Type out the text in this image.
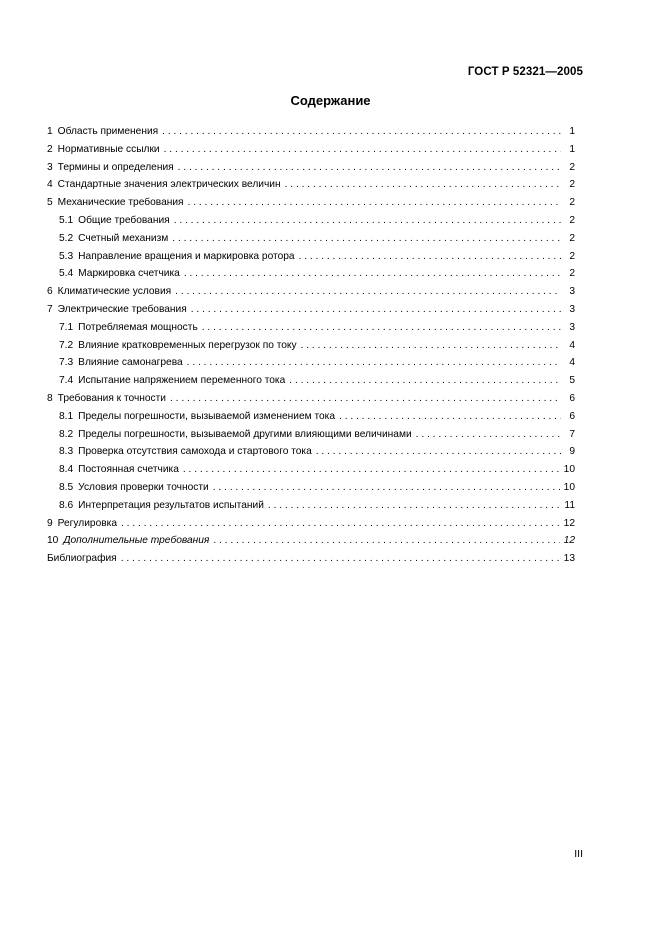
ГОСТ Р 52321—2005
Содержание
1 Область применения . . .	1
2 Нормативные ссылки . . .	1
3 Термины и определения . . .	2
4 Стандартные значения электрических величин . . .	2
5 Механические требования . . .	2
5.1 Общие требования . . .	2
5.2 Счетный механизм . . .	2
5.3 Направление вращения и маркировка ротора . . .	2
5.4 Маркировка счетчика . . .	2
6 Климатические условия . . .	3
7 Электрические требования . . .	3
7.1 Потребляемая мощность . . .	3
7.2 Влияние кратковременных перегрузок по току . . .	4
7.3 Влияние самонагрева . . .	4
7.4 Испытание напряжением переменного тока . . .	5
8 Требования к точности . . .	6
8.1 Пределы погрешности, вызываемой изменением тока . . .	6
8.2 Пределы погрешности, вызываемой другими влияющими величинами . . .	7
8.3 Проверка отсутствия самохода и стартового тока . . .	9
8.4 Постоянная счетчика . . .	10
8.5 Условия проверки точности . . .	10
8.6 Интерпретация результатов испытаний . . .	11
9 Регулировка . . .	12
10 Дополнительные требования . . .	12
Библиография . . .	13
III
